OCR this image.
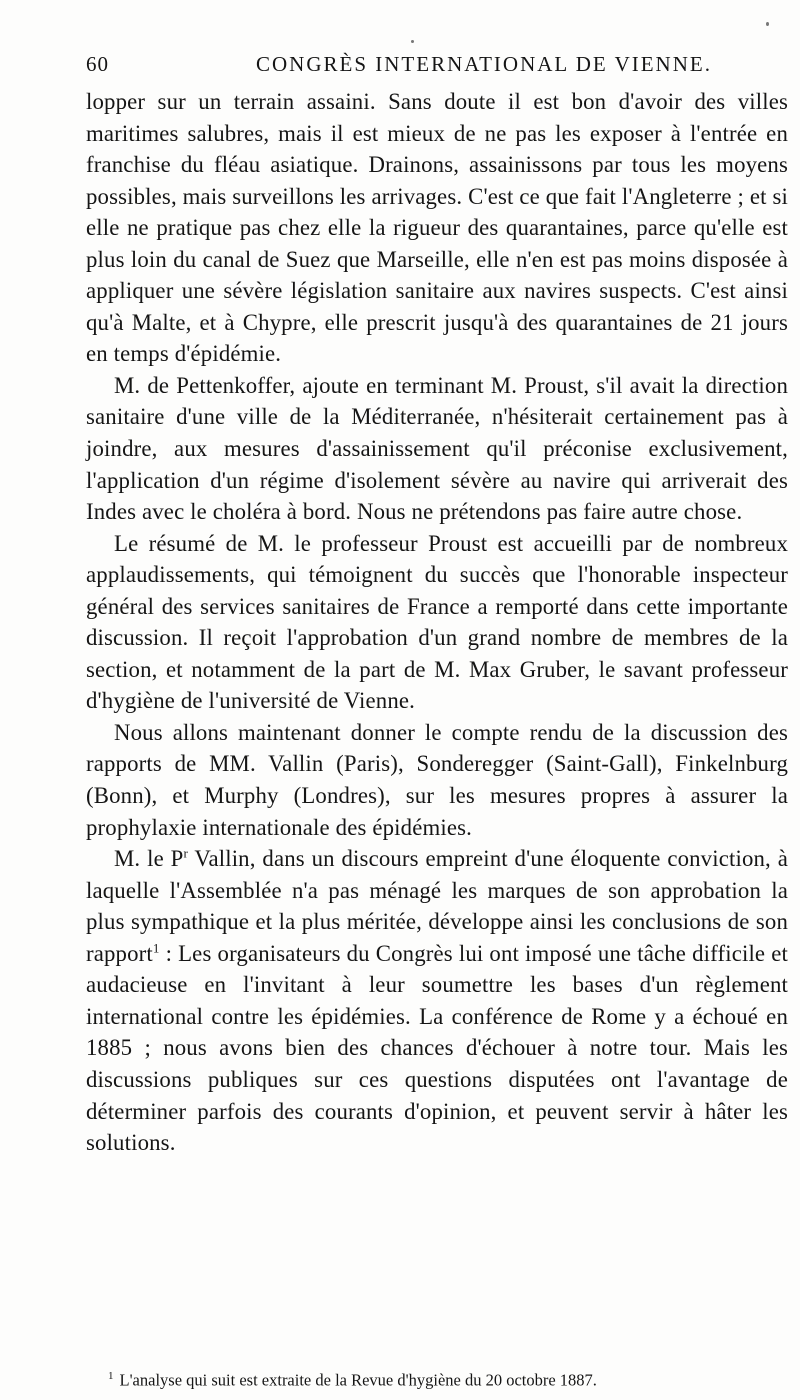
60	CONGRÈS INTERNATIONAL DE VIENNE.

lopper sur un terrain assaini. Sans doute il est bon d'avoir des villes maritimes salubres, mais il est mieux de ne pas les exposer à l'entrée en franchise du fléau asiatique. Drainons, assainissons par tous les moyens possibles, mais surveillons les arrivages. C'est ce que fait l'Angleterre ; et si elle ne pratique pas chez elle la rigueur des quarantaines, parce qu'elle est plus loin du canal de Suez que Marseille, elle n'en est pas moins disposée à appliquer une sévère législation sanitaire aux navires suspects. C'est ainsi qu'à Malte, et à Chypre, elle prescrit jusqu'à des quarantaines de 21 jours en temps d'épidémie.

M. de Pettenkoffer, ajoute en terminant M. Proust, s'il avait la direction sanitaire d'une ville de la Méditerranée, n'hésiterait certainement pas à joindre, aux mesures d'assainissement qu'il préconise exclusivement, l'application d'un régime d'isolement sévère au navire qui arriverait des Indes avec le choléra à bord. Nous ne prétendons pas faire autre chose.

Le résumé de M. le professeur Proust est accueilli par de nombreux applaudissements, qui témoignent du succès que l'honorable inspecteur général des services sanitaires de France a remporté dans cette importante discussion. Il reçoit l'approbation d'un grand nombre de membres de la section, et notamment de la part de M. Max Gruber, le savant professeur d'hygiène de l'université de Vienne.

Nous allons maintenant donner le compte rendu de la discussion des rapports de MM. Vallin (Paris), Sonderegger (Saint-Gall), Finkelnburg (Bonn), et Murphy (Londres), sur les mesures propres à assurer la prophylaxie internationale des épidémies.

M. le $P^r$ Vallin, dans un discours empreint d'une éloquente conviction, à laquelle l'Assemblée n'a pas ménagé les marques de son approbation la plus sympathique et la plus méritée, développe ainsi les conclusions de son rapport$^1$ : Les organisateurs du Congrès lui ont imposé une tâche difficile et audacieuse en l'invitant à leur soumettre les bases d'un règlement international contre les épidémies. La conférence de Rome y a échoué en 1885 ; nous avons bien des chances d'échouer à notre tour. Mais les discussions publiques sur ces questions disputées ont l'avantage de déterminer parfois des courants d'opinion, et peuvent servir à hâter les solutions.

$^1$ L'analyse qui suit est extraite de la Revue d'hygiène du 20 octobre 1887.
